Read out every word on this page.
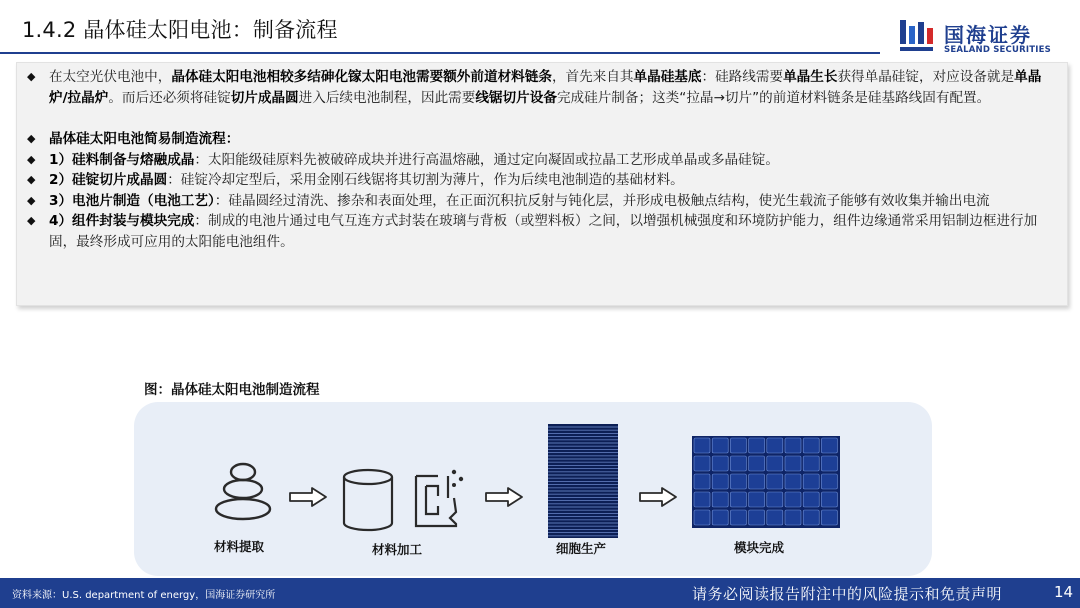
1.4.2 晶体硅太阳电池：制备流程	国海证券
SEALAND SECURITIES
◆ 在太空光伏电池中，晶体硅太阳电池相较多结砷化镓太阳电池需要额外前道材料链条，首先来自其单晶硅基底：硅路线需要单晶生长获得单晶硅锭，对应设备就是单晶炉/拉晶炉。而后还必须将硅锭切片成晶圆进入后续电池制程，因此需要线锯切片设备完成硅片制备；这类“拉晶→切片”的前道材料链条是硅基路线固有配置。
◆ 晶体硅太阳电池简易制造流程：
◆ 1）硅料制备与熔融成晶：太阳能级硅原料先被破碎成块并进行高温熔融，通过定向凝固或拉晶工艺形成单晶或多晶硅锭。
◆ 2）硅锭切片成晶圆：硅锭冷却定型后，采用金刚石线锯将其切割为薄片，作为后续电池制造的基础材料。
◆ 3）电池片制造（电池工艺）：硅晶圆经过清洗、掺杂和表面处理，在正面沉积抗反射与钝化层，并形成电极触点结构，使光生载流子能够有效收集并输出电流
◆ 4）组件封装与模块完成：制成的电池片通过电气互连方式封装在玻璃与背板（或塑料板）之间，以增强机械强度和环境防护能力，组件边缘通常采用铝制边框进行加固，最终形成可应用的太阳能电池组件。
图：晶体硅太阳电池制造流程
材料提取	材料加工	细胞生产	模块完成
资料来源：U.S. department of energy，国海证券研究所	请务必阅读报告附注中的风险提示和免责声明	14
